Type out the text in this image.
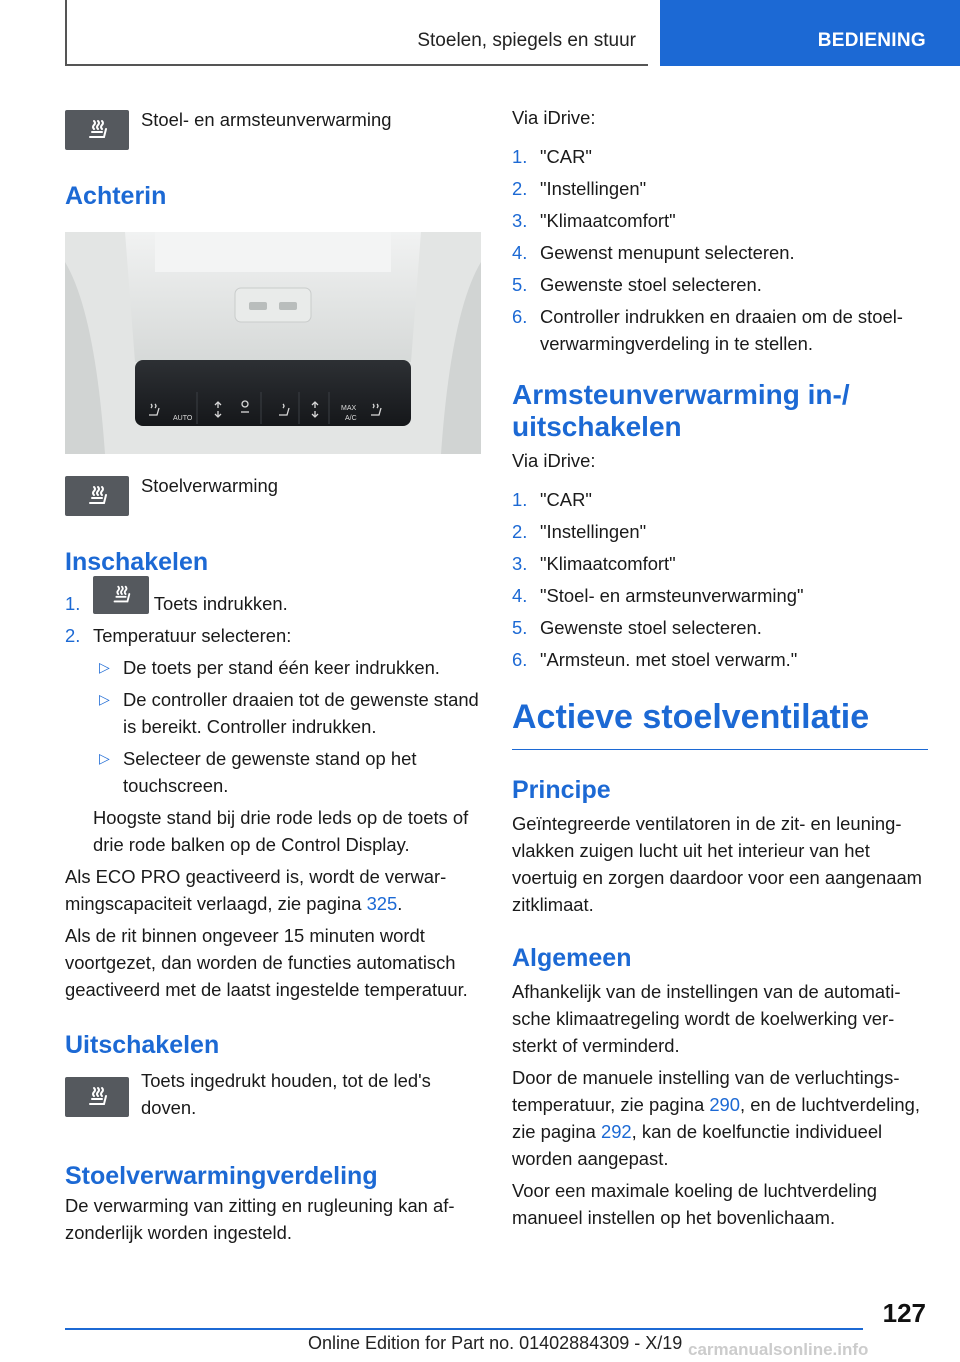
Stoelen, spiegels en stuur	BEDIENING
Stoel- en armsteunverwarming
Achterin
AUTO
MAX
A/C
Stoelverwarming
Inschakelen
1.	Toets indrukken.
2. Temperatuur selecteren:
▷ De toets per stand één keer indrukken.
▷ De controller draaien tot de gewenste stand is bereikt. Controller indrukken.
▷ Selecteer de gewenste stand op het touchscreen.
Hoogste stand bij drie rode leds op de toets of drie rode balken op de Control Display.
Als ECO PRO geactiveerd is, wordt de verwarmingscapaciteit verlaagd, zie pagina 325.
Als de rit binnen ongeveer 15 minuten wordt voortgezet, dan worden de functies automatisch geactiveerd met de laatst ingestelde temperatuur.
Uitschakelen
Toets ingedrukt houden, tot de led's doven.
Stoelverwarmingverdeling
De verwarming van zitting en rugleuning kan afzonderlijk worden ingesteld.
Via iDrive:
1. "CAR"
2. "Instellingen"
3. "Klimaatcomfort"
4. Gewenst menupunt selecteren.
5. Gewenste stoel selecteren.
6. Controller indrukken en draaien om de stoelverwarmingverdeling in te stellen.
Armsteunverwarming in-/ uitschakelen
Via iDrive:
1. "CAR"
2. "Instellingen"
3. "Klimaatcomfort"
4. "Stoel- en armsteunverwarming"
5. Gewenste stoel selecteren.
6. "Armsteun. met stoel verwarm."
Actieve stoelventilatie
Principe
Geïntegreerde ventilatoren in de zit- en leuningvlakken zuigen lucht uit het interieur van het voertuig en zorgen daardoor voor een aangenaam zitklimaat.
Algemeen
Afhankelijk van de instellingen van de automatische klimaatregeling wordt de koelwerking versterkt of verminderd.
Door de manuele instelling van de verluchtingstemperatuur, zie pagina 290, en de luchtverdeling, zie pagina 292, kan de koelfunctie individueel worden aangepast.
Voor een maximale koeling de luchtverdeling manueel instellen op het bovenlichaam.
127
Online Edition for Part no. 01402884309 - X/19 carmanualsonline.info
